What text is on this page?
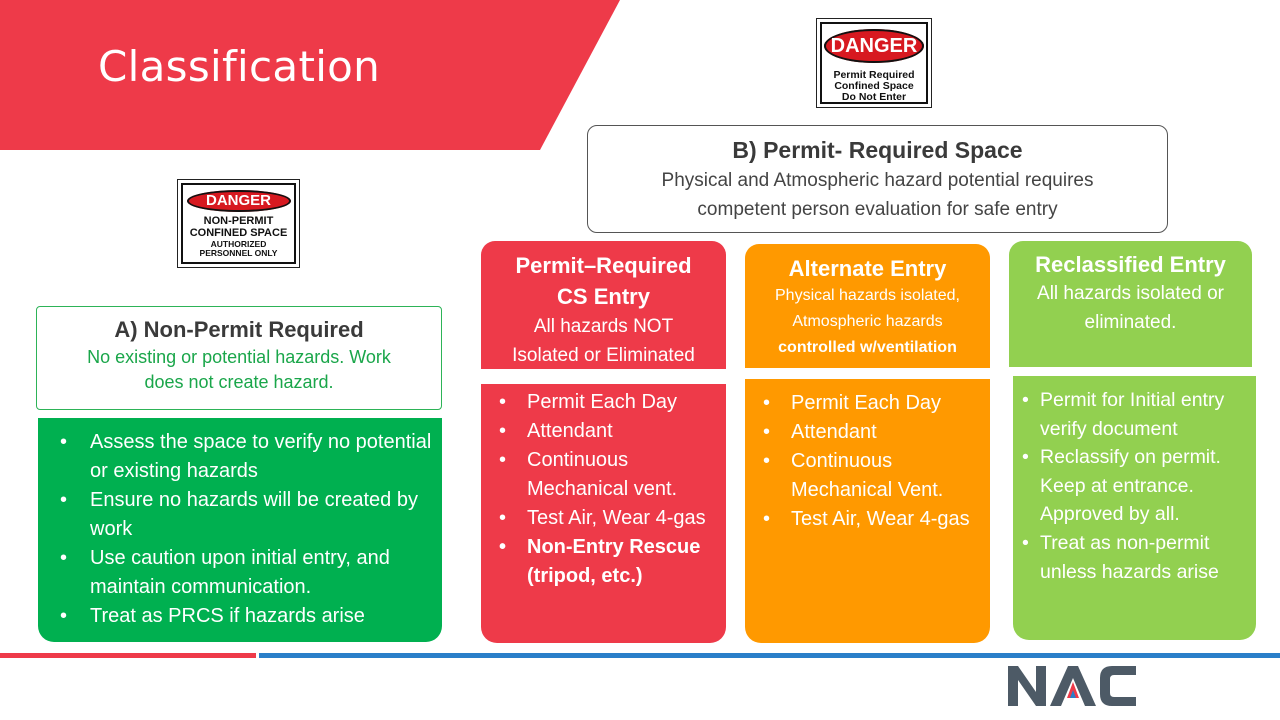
Classification	DANGER
Permit Required
Confined Space
Do Not Enter
DANGER
NON-PERMIT
CONFINED SPACE
AUTHORIZED
PERSONNEL ONLY
B) Permit- Required Space
Physical and Atmospheric hazard potential requires
competent person evaluation for safe entry
A) Non-Permit Required
No existing or potential hazards. Work
does not create hazard.
• Assess the space to verify no potential or existing hazards
• Ensure no hazards will be created by work
• Use caution upon initial entry, and maintain communication.
• Treat as PRCS if hazards arise
Permit–Required
CS Entry
All hazards NOT
Isolated or Eliminated
• Permit Each Day
• Attendant
• Continuous Mechanical vent.
• Test Air, Wear 4-gas
• Non-Entry Rescue (tripod, etc.)
Alternate Entry
Physical hazards isolated,
Atmospheric hazards
controlled w/ventilation
• Permit Each Day
• Attendant
• Continuous Mechanical Vent.
• Test Air, Wear 4-gas
Reclassified Entry
All hazards isolated or
eliminated.
• Permit for Initial entry verify document
• Reclassify on permit. Keep at entrance. Approved by all.
• Treat as non-permit unless hazards arise
